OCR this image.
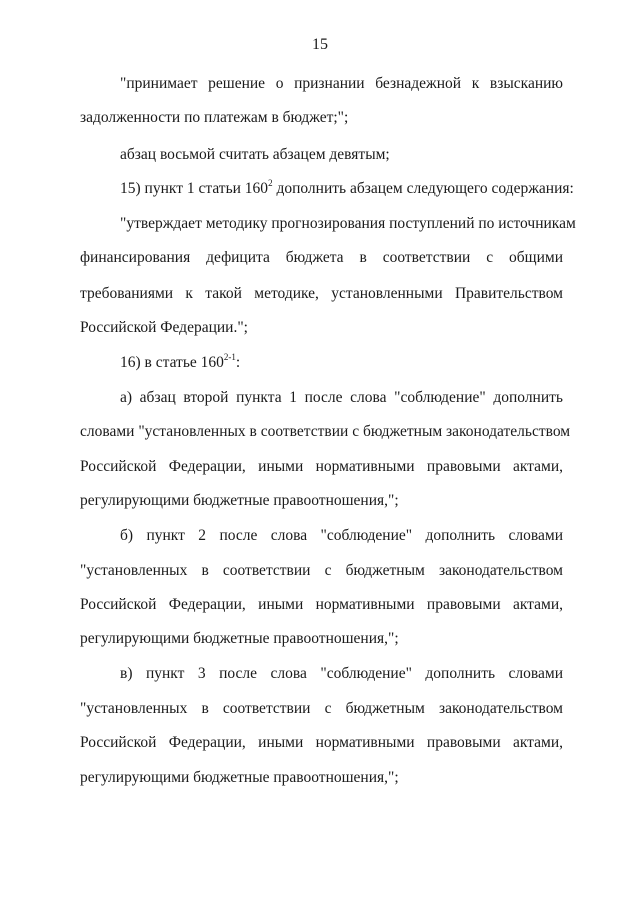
15
"принимает решение о признании безнадежной к взысканию
задолженности по платежам в бюджет;";
абзац восьмой считать абзацем девятым;
15) пункт 1 статьи $160^2$ дополнить абзацем следующего содержания:
"утверждает методику прогнозирования поступлений по источникам
финансирования дефицита бюджета в соответствии с общими
требованиями к такой методике, установленными Правительством
Российской Федерации.";
16) в статье 160$^{2-1}$:
а) абзац второй пункта 1 после слова "соблюдение" дополнить
словами "установленных в соответствии с бюджетным законодательством
Российской Федерации, иными нормативными правовыми актами,
регулирующими бюджетные правоотношения,";
б) пункт 2 после слова "соблюдение" дополнить словами
"установленных в соответствии с бюджетным законодательством
Российской Федерации, иными нормативными правовыми актами,
регулирующими бюджетные правоотношения,";
в) пункт 3 после слова "соблюдение" дополнить словами
"установленных в соответствии с бюджетным законодательством
Российской Федерации, иными нормативными правовыми актами,
регулирующими бюджетные правоотношения,";
